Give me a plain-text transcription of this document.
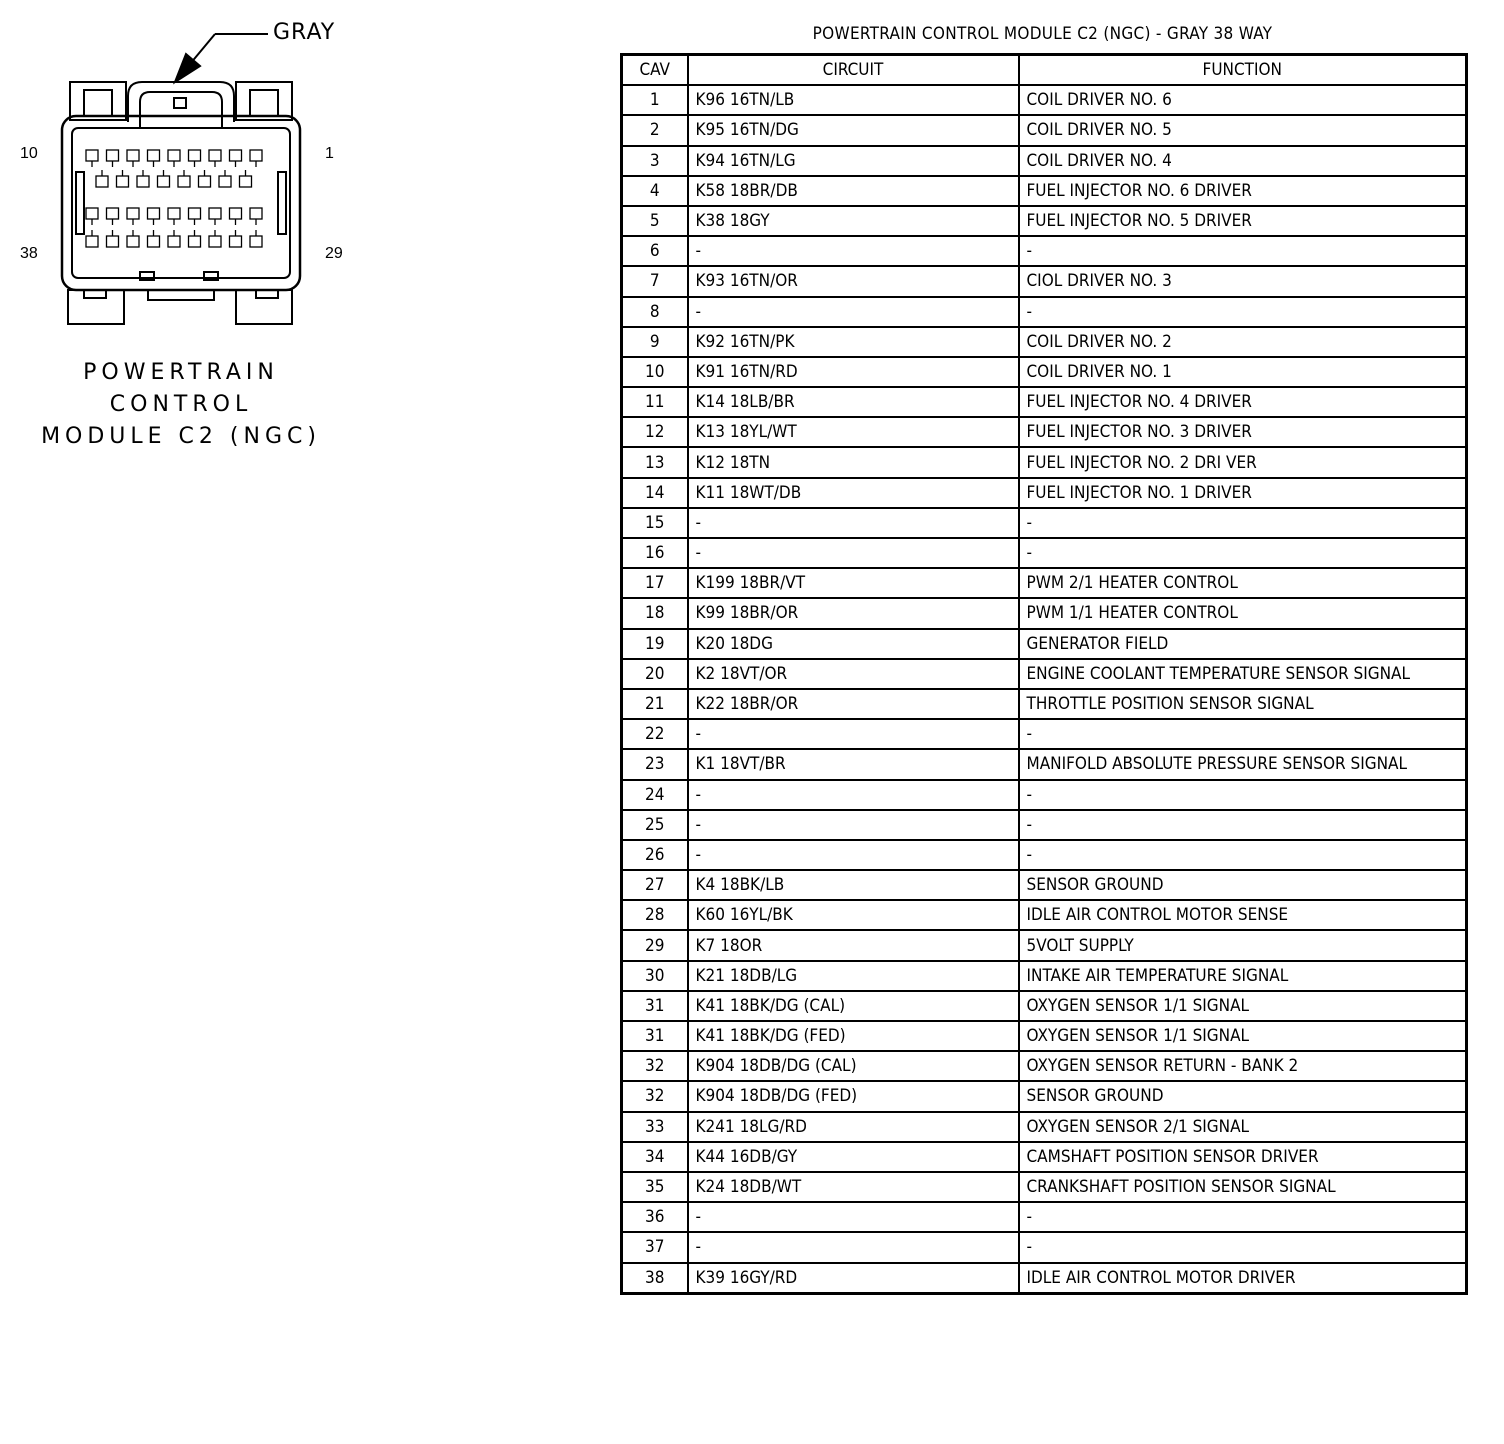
GRAY
10	1
38	29
POWERTRAIN
CONTROL
MODULE C2 (NGC)
POWERTRAIN CONTROL MODULE C2 (NGC) - GRAY 38 WAY
CAV	CIRCUIT	FUNCTION
1	K96 16TN/LB	COIL DRIVER NO. 6
2	K95 16TN/DG	COIL DRIVER NO. 5
3	K94 16TN/LG	COIL DRIVER NO. 4
4	K58 18BR/DB	FUEL INJECTOR NO. 6 DRIVER
5	K38 18GY	FUEL INJECTOR NO. 5 DRIVER
6	-	-
7	K93 16TN/OR	CIOL DRIVER NO. 3
8	-	-
9	K92 16TN/PK	COIL DRIVER NO. 2
10	K91 16TN/RD	COIL DRIVER NO. 1
11	K14 18LB/BR	FUEL INJECTOR NO. 4 DRIVER
12	K13 18YL/WT	FUEL INJECTOR NO. 3 DRIVER
13	K12 18TN	FUEL INJECTOR NO. 2 DRI VER
14	K11 18WT/DB	FUEL INJECTOR NO. 1 DRIVER
15	-	-
16	-	-
17	K199 18BR/VT	PWM 2/1 HEATER CONTROL
18	K99 18BR/OR	PWM 1/1 HEATER CONTROL
19	K20 18DG	GENERATOR FIELD
20	K2 18VT/OR	ENGINE COOLANT TEMPERATURE SENSOR SIGNAL
21	K22 18BR/OR	THROTTLE POSITION SENSOR SIGNAL
22	-	-
23	K1 18VT/BR	MANIFOLD ABSOLUTE PRESSURE SENSOR SIGNAL
24	-	-
25	-	-
26	-	-
27	K4 18BK/LB	SENSOR GROUND
28	K60 16YL/BK	IDLE AIR CONTROL MOTOR SENSE
29	K7 18OR	5VOLT SUPPLY
30	K21 18DB/LG	INTAKE AIR TEMPERATURE SIGNAL
31	K41 18BK/DG (CAL)	OXYGEN SENSOR 1/1 SIGNAL
31	K41 18BK/DG (FED)	OXYGEN SENSOR 1/1 SIGNAL
32	K904 18DB/DG (CAL)	OXYGEN SENSOR RETURN - BANK 2
32	K904 18DB/DG (FED)	SENSOR GROUND
33	K241 18LG/RD	OXYGEN SENSOR 2/1 SIGNAL
34	K44 16DB/GY	CAMSHAFT POSITION SENSOR DRIVER
35	K24 18DB/WT	CRANKSHAFT POSITION SENSOR SIGNAL
36	-	-
37	-	-
38	K39 16GY/RD	IDLE AIR CONTROL MOTOR DRIVER
